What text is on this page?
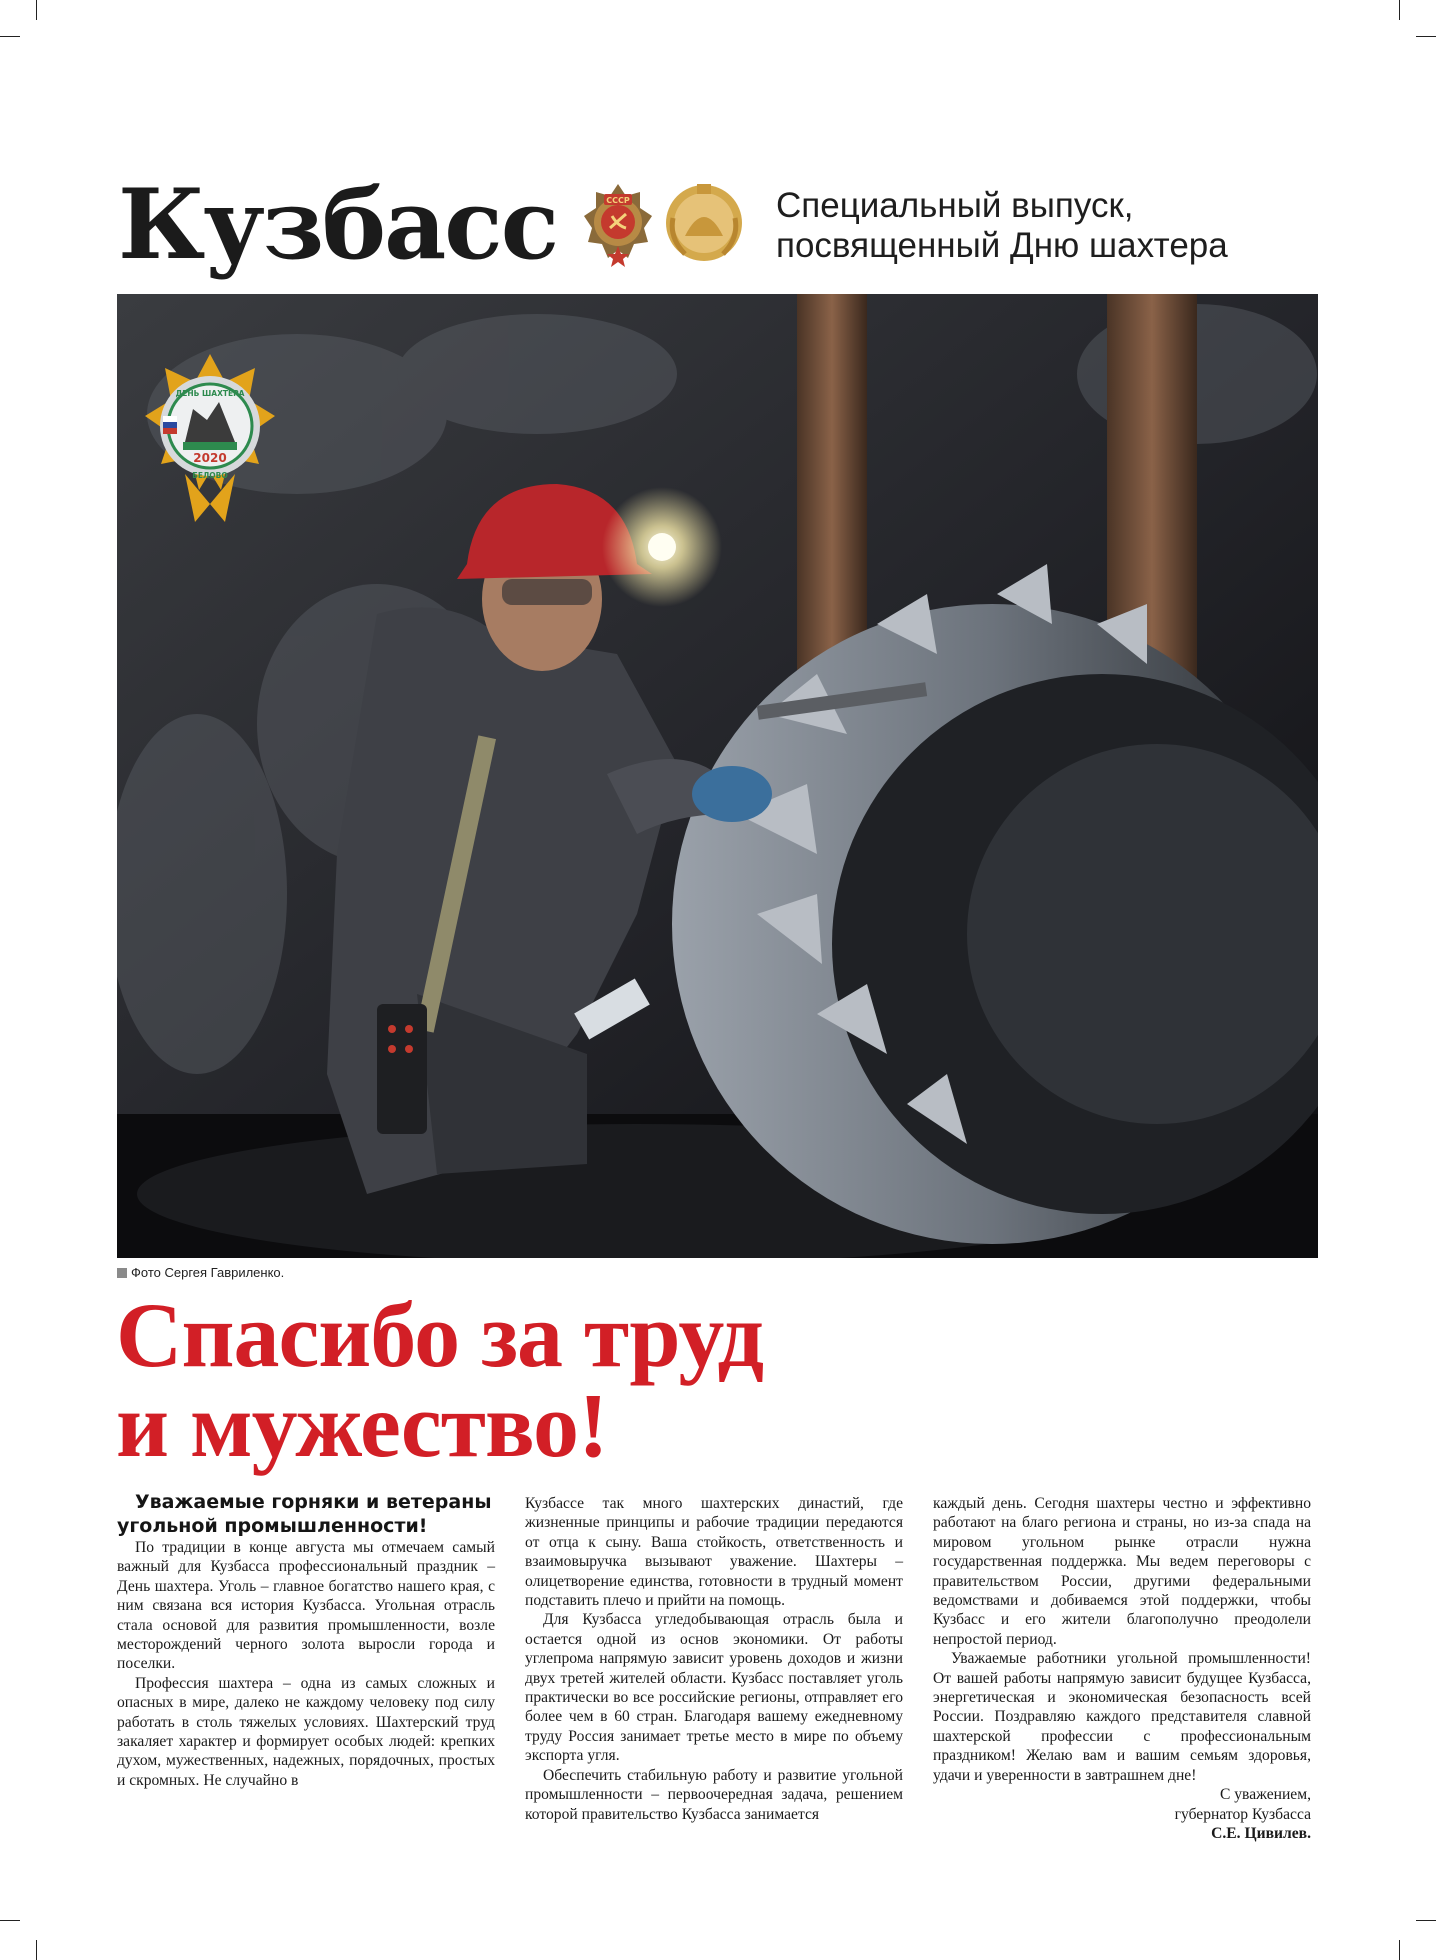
Кузбасс	СССР	Специальный выпуск,
посвященный Дню шахтера
ДЕНЬ ШАХТЕРА
2020
БЕЛОВО
Фото Сергея Гавриленко.
Спасибо за труд
и мужество!

Уважаемые горняки и ветераны угольной промышленности!

По традиции в конце августа мы отмечаем самый важный для Кузбасса профессиональный праздник – День шахтера. Уголь – главное богатство нашего края, с ним связана вся история Кузбасса. Угольная отрасль стала основой для развития промышленности, возле месторождений черного золота выросли города и поселки.

Профессия шахтера – одна из самых сложных и опасных в мире, далеко не каждому человеку под силу работать в столь тяжелых условиях. Шахтерский труд закаляет характер и формирует особых людей: крепких духом, мужественных, надежных, порядочных, простых и скромных. Не случайно в

Кузбассе так много шахтерских династий, где жизненные принципы и рабочие традиции передаются от отца к сыну. Ваша стойкость, ответственность и взаимовыручка вызывают уважение. Шахтеры – олицетворение единства, готовности в трудный момент подставить плечо и прийти на помощь.

Для Кузбасса угледобывающая отрасль была и остается одной из основ экономики. От работы углепрома напрямую зависит уровень доходов и жизни двух третей жителей области. Кузбасс поставляет уголь практически во все российские регионы, отправляет его более чем в 60 стран. Благодаря вашему ежедневному труду Россия занимает третье место в мире по объему экспорта угля.

Обеспечить стабильную работу и развитие угольной промышленности – первоочередная задача, решением которой правительство Кузбасса занимается

каждый день. Сегодня шахтеры честно и эффективно работают на благо региона и страны, но из-за спада на мировом угольном рынке отрасли нужна государственная поддержка. Мы ведем переговоры с правительством России, другими федеральными ведомствами и добиваемся этой поддержки, чтобы Кузбасс и его жители благополучно преодолели непростой период.

Уважаемые работники угольной промышленности! От вашей работы напрямую зависит будущее Кузбасса, энергетическая и экономическая безопасность всей России. Поздравляю каждого представителя славной шахтерской профессии с профессиональным праздником! Желаю вам и вашим семьям здоровья, удачи и уверенности в завтрашнем дне!

С уважением,

губернатор Кузбасса

С.Е. Цивилев.
